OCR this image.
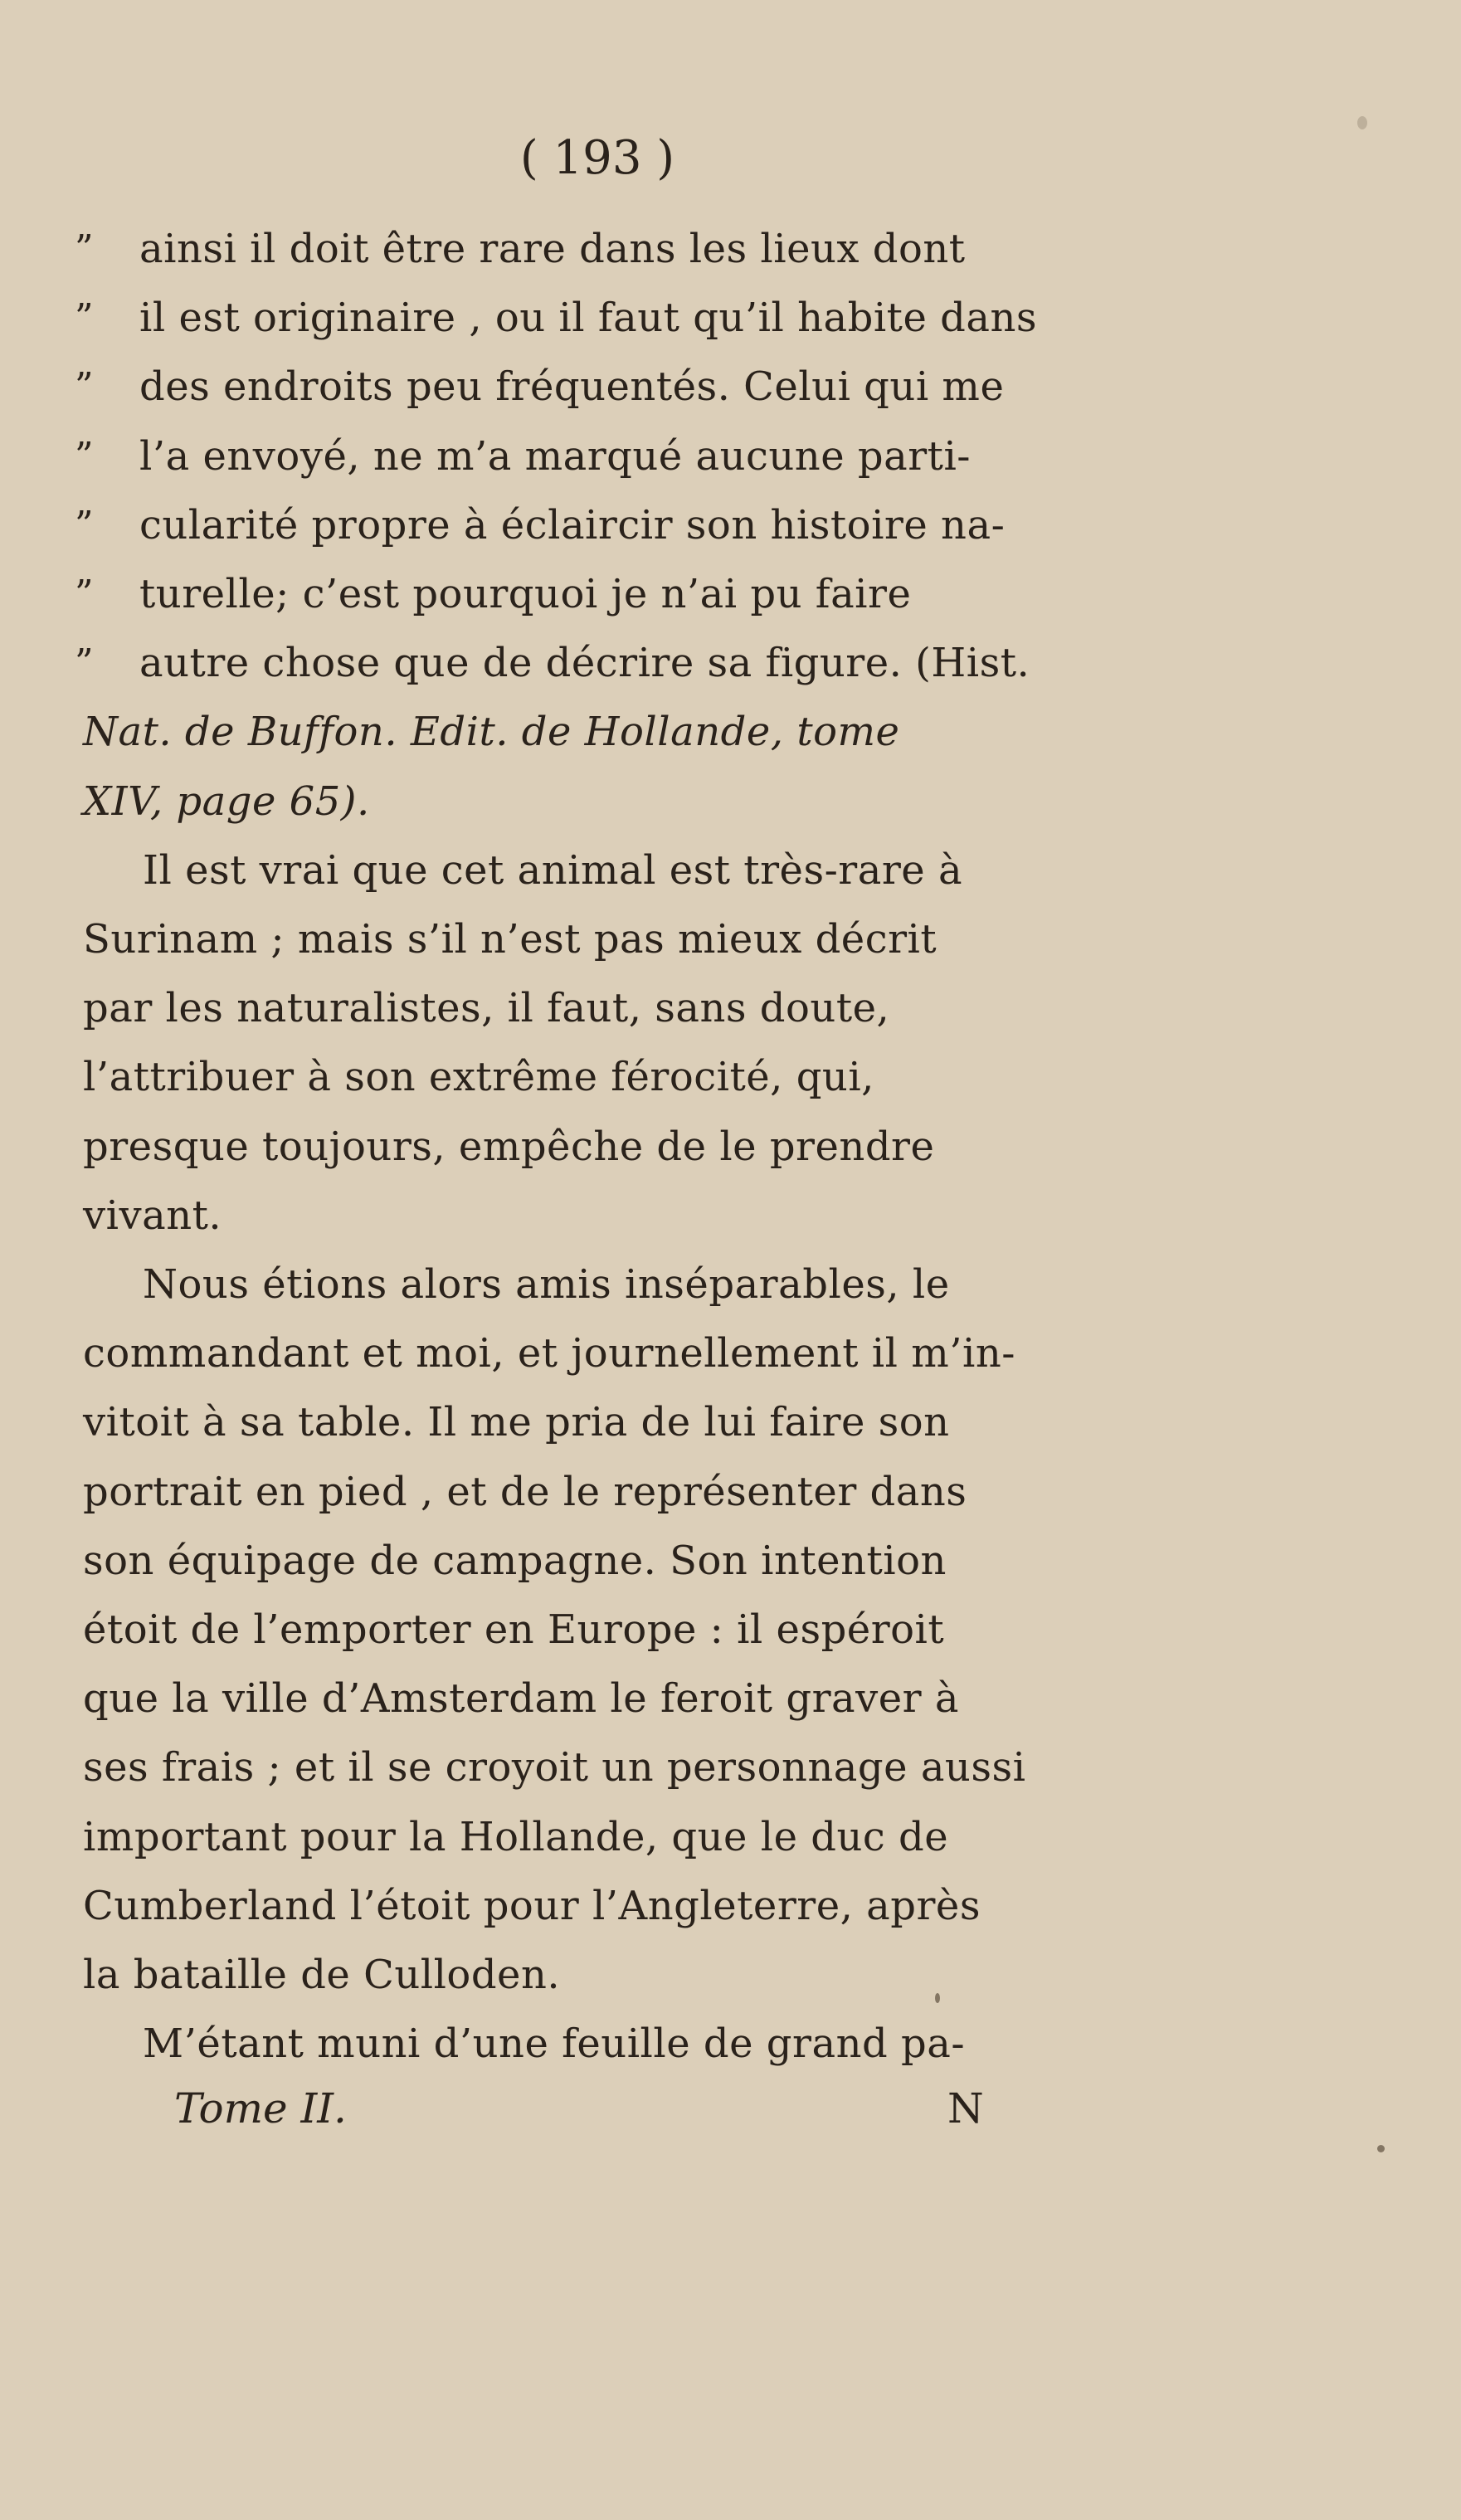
( 193 )
”	ainsi il doit être rare dans les lieux dont
”	il est originaire , ou il faut qu’il habite dans
”	des endroits peu fréquentés. Celui qui me
”	l’a envoyé, ne m’a marqué aucune parti-
”	cularité propre à éclaircir son histoire na-
”	turelle; c’est pourquoi je n’ai pu faire
”	autre chose que de décrire sa figure. (Hist.
Nat. de Buffon. Edit. de Hollande, tome
XIV, page 65).
Il est vrai que cet animal est très-rare à
Surinam ; mais s’il n’est pas mieux décrit
par les naturalistes, il faut, sans doute,
l’attribuer à son extrême férocité, qui,
presque toujours, empêche de le prendre
vivant.
Nous étions alors amis inséparables, le
commandant et moi, et journellement il m’in-
vitoit à sa table. Il me pria de lui faire son
portrait en pied , et de le représenter dans
son équipage de campagne. Son intention
étoit de l’emporter en Europe : il espéroit
que la ville d’Amsterdam le feroit graver à
ses frais ; et il se croyoit un personnage aussi
important pour la Hollande, que le duc de
Cumberland l’étoit pour l’Angleterre, après
la bataille de Culloden.
M’étant muni d’une feuille de grand pa-
Tome II.	N
